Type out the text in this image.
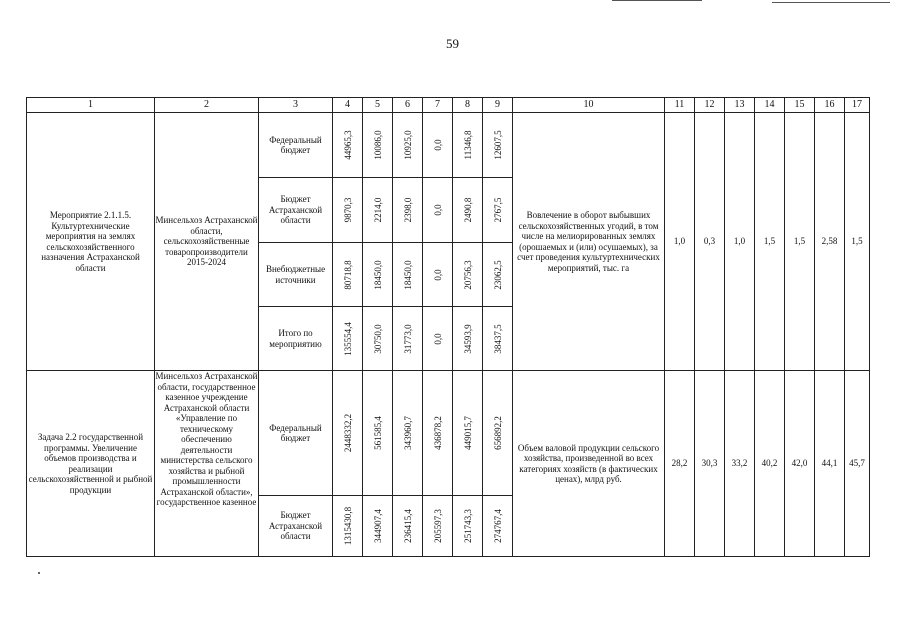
59
1	2	3	4	5	6	7	8	9	10	11	12	13	14	15	16	17
Мероприятие 2.1.1.5. Культуртехнические мероприятия на землях сельскохозяйственного назначения Астраханской области	Минсельхоз Астраханской области, сельскохозяйственные товаропроизводители 2015-2024	Федеральный бюджет	44965,3	10086,0	10925,0	0,0	11346,8	12607,5	Вовлечение в оборот выбывших сельскохозяйственных угодий, в том числе на мелиорированных землях (орошаемых и (или) осушаемых), за счет проведения культуртехнических мероприятий, тыс. га	1,0	0,3	1,0	1,5	1,5	2,58	1,5
		Бюджет Астраханской области	9870,3	2214,0	2398,0	0,0	2490,8	2767,5								

		Внебюджетные источники	80718,8	18450,0	18450,0	0,0	20756,3	23062,5								

		Итого по мероприятию	135554,4	30750,0	31773,0	0,0	34593,9	38437,5								

Задача 2.2 государственной программы. Увеличение объемов производства и реализации сельскохозяйственной и рыбной продукции	Минсельхоз Астраханской области, государственное казенное учреждение Астраханской области «Управление по техническому обеспечению деятельности министерства сельского хозяйства и рыбной промышленности Астраханской области», государственное казенное	Федеральный бюджет	2448332,2	561585,4	343960,7	436878,2	449015,7	656892,2	Объем валовой продукции сельского хозяйства, произведенной во всех категориях хозяйств (в фактических ценах), млрд руб.	28,2	30,3	33,2	40,2	42,0	44,1	45,7
		Бюджет Астраханской области	1315430,8	344907,4	236415,4	205597,3	251743,3	274767,4								
